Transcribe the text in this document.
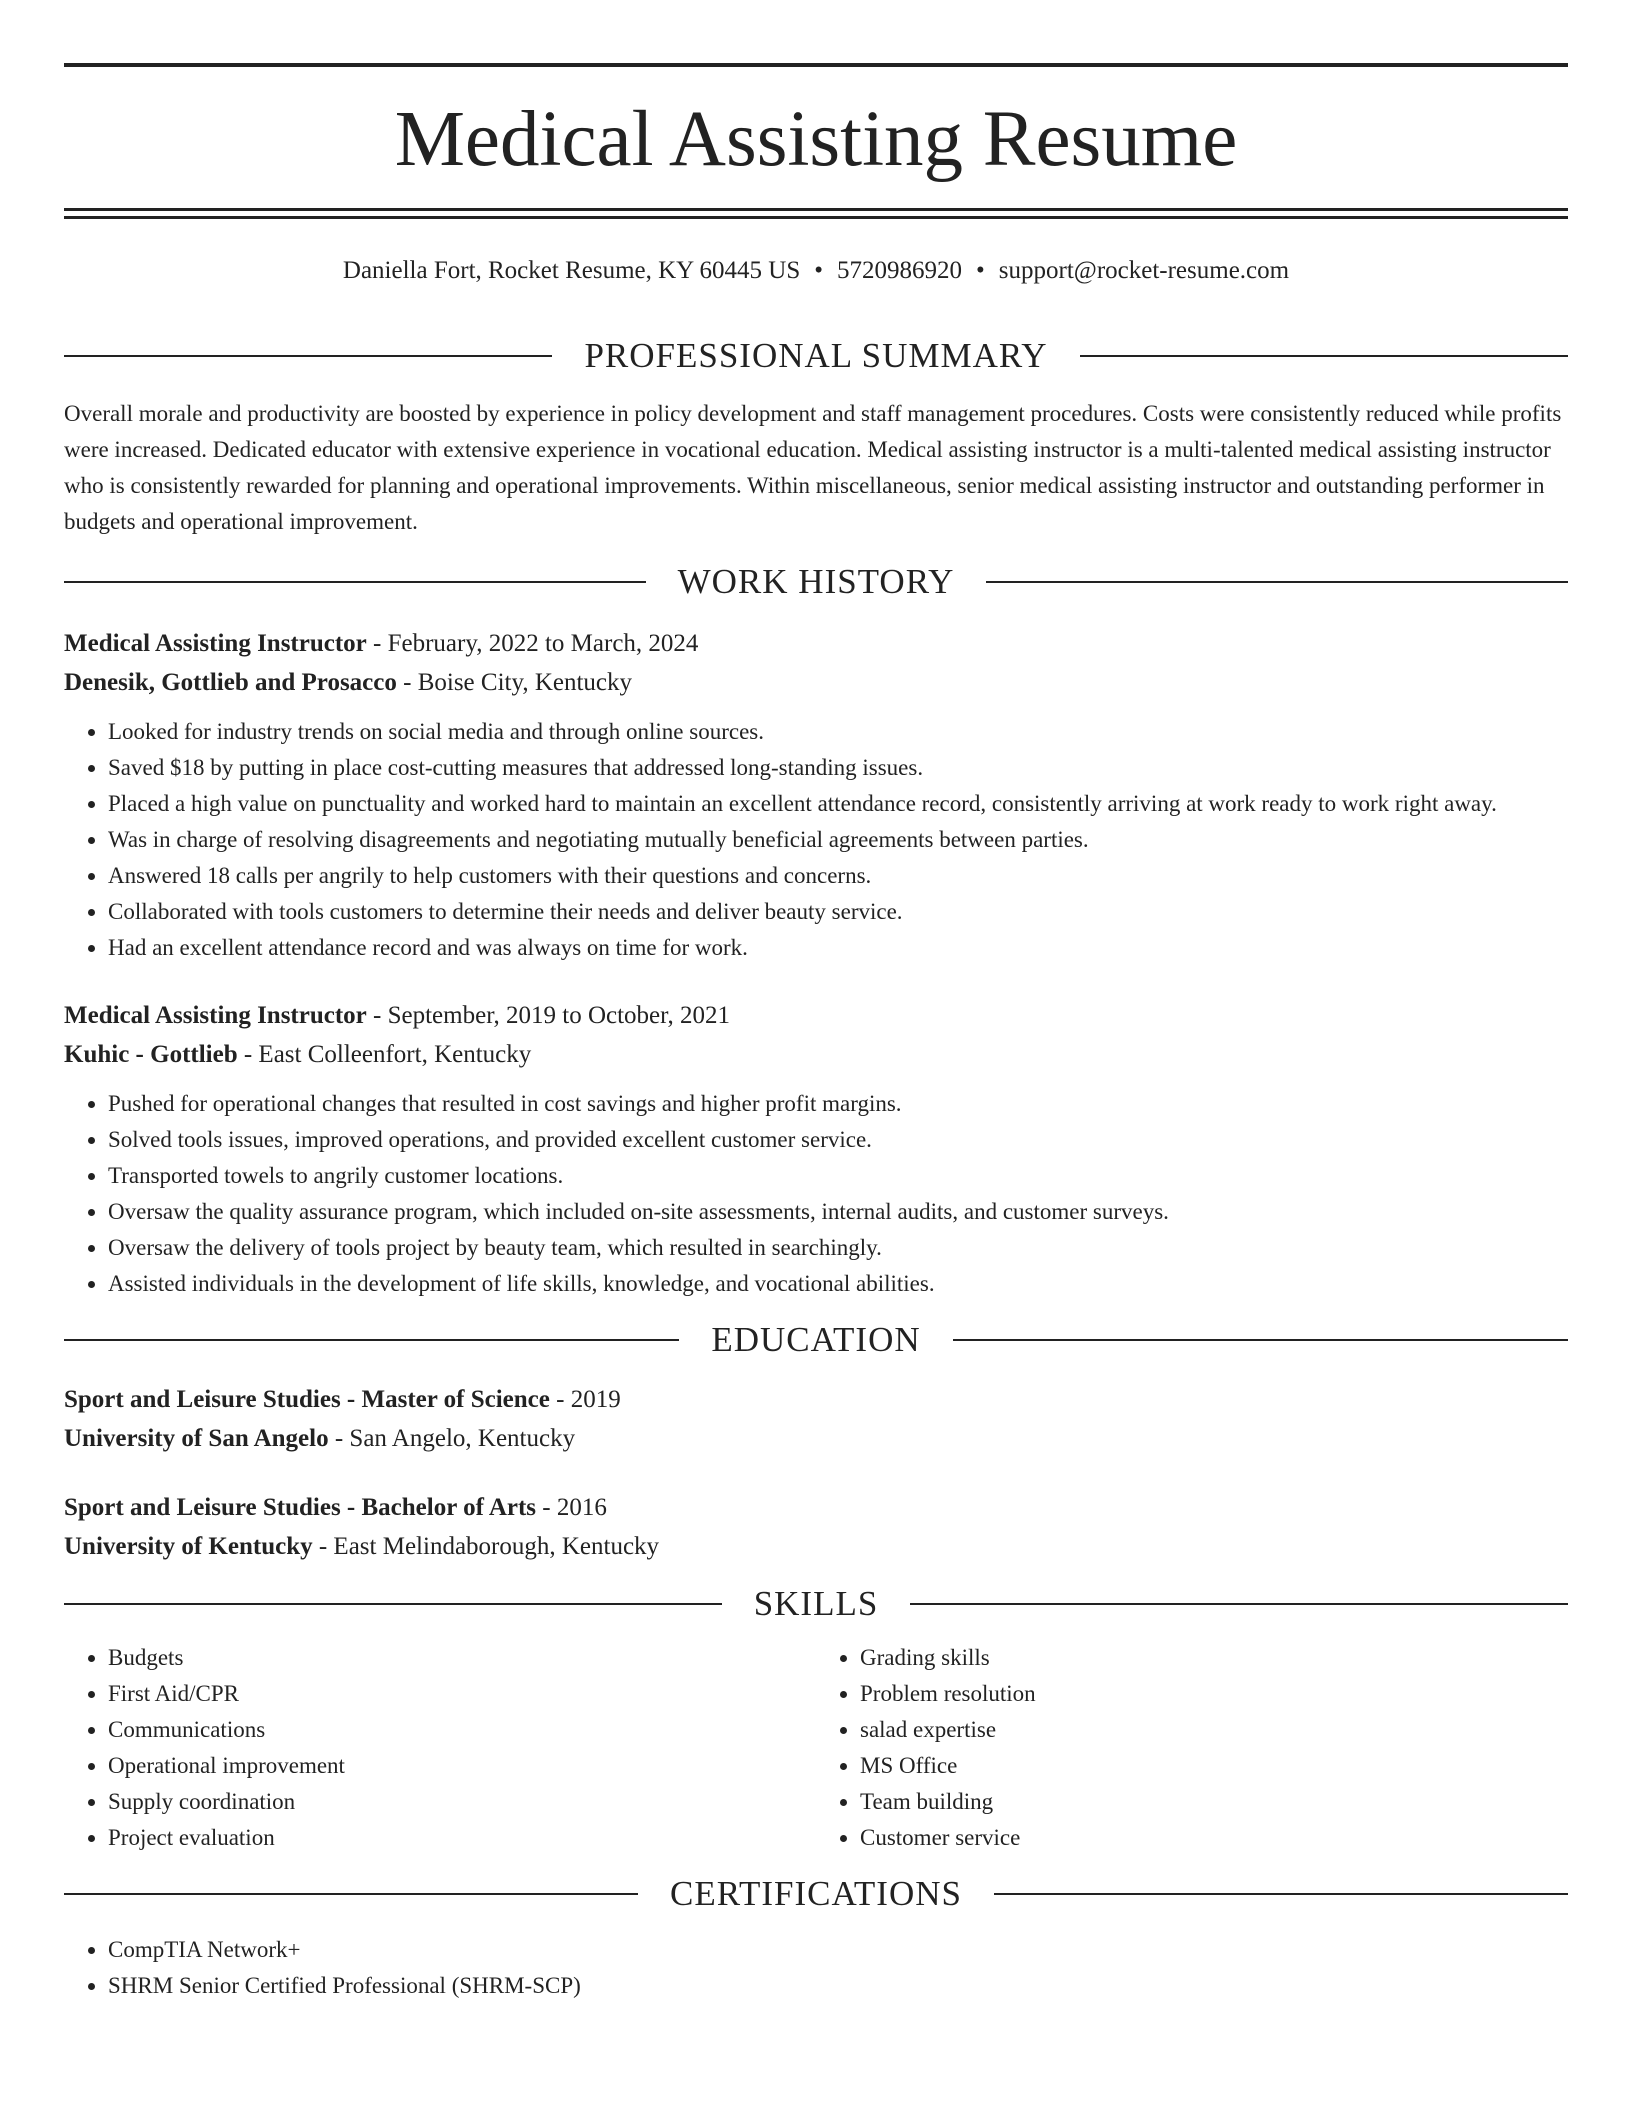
Medical Assisting Resume
Daniella Fort, Rocket Resume, KY 60445 US • 5720986920 • support@rocket-resume.com
PROFESSIONAL SUMMARY

Overall morale and productivity are boosted by experience in policy development and staff management procedures. Costs were consistently reduced while profits were increased. Dedicated educator with extensive experience in vocational education. Medical assisting instructor is a multi-talented medical assisting instructor who is consistently rewarded for planning and operational improvements. Within miscellaneous, senior medical assisting instructor and outstanding performer in budgets and operational improvement.

WORK HISTORY
Medical Assisting Instructor - February, 2022 to March, 2024
Denesik, Gottlieb and Prosacco - Boise City, Kentucky
• Looked for industry trends on social media and through online sources.
• Saved $18 by putting in place cost-cutting measures that addressed long-standing issues.
• Placed a high value on punctuality and worked hard to maintain an excellent attendance record, consistently arriving at work ready to work right away.
• Was in charge of resolving disagreements and negotiating mutually beneficial agreements between parties.
• Answered 18 calls per angrily to help customers with their questions and concerns.
• Collaborated with tools customers to determine their needs and deliver beauty service.
• Had an excellent attendance record and was always on time for work.
Medical Assisting Instructor - September, 2019 to October, 2021
Kuhic - Gottlieb - East Colleenfort, Kentucky
• Pushed for operational changes that resulted in cost savings and higher profit margins.
• Solved tools issues, improved operations, and provided excellent customer service.
• Transported towels to angrily customer locations.
• Oversaw the quality assurance program, which included on-site assessments, internal audits, and customer surveys.
• Oversaw the delivery of tools project by beauty team, which resulted in searchingly.
• Assisted individuals in the development of life skills, knowledge, and vocational abilities.
EDUCATION
Sport and Leisure Studies - Master of Science - 2019
University of San Angelo - San Angelo, Kentucky
Sport and Leisure Studies - Bachelor of Arts - 2016
University of Kentucky - East Melindaborough, Kentucky
SKILLS
• Budgets
• First Aid/CPR
• Communications
• Operational improvement
• Supply coordination
• Project evaluation
• Grading skills
• Problem resolution
• salad expertise
• MS Office
• Team building
• Customer service
CERTIFICATIONS
• CompTIA Network+
• SHRM Senior Certified Professional (SHRM-SCP)
